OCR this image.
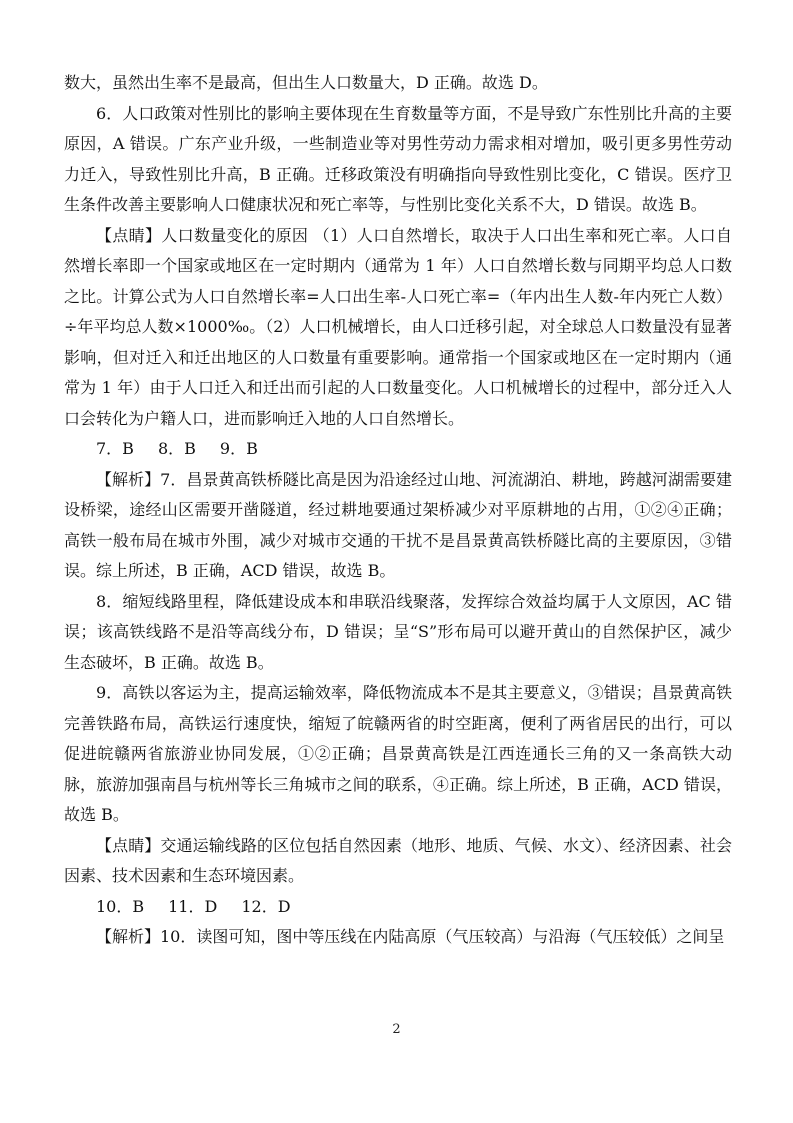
数大，虽然出生率不是最高，但出生人口数量大，D 正确。故选 D。

6．人口政策对性别比的影响主要体现在生育数量等方面，不是导致广东性别比升高的主要原因，A 错误。广东产业升级，一些制造业等对男性劳动力需求相对增加，吸引更多男性劳动力迁入，导致性别比升高，B 正确。迁移政策没有明确指向导致性别比变化，C 错误。医疗卫生条件改善主要影响人口健康状况和死亡率等，与性别比变化关系不大，D 错误。故选 B。

【点睛】人口数量变化的原因 （1）人口自然增长，取决于人口出生率和死亡率。人口自然增长率即一个国家或地区在一定时期内（通常为 1 年）人口自然增长数与同期平均总人口数之比。计算公式为人口自然增长率=人口出生率-人口死亡率=（年内出生人数-年内死亡人数）÷年平均总人数×1000‰。（2）人口机械增长，由人口迁移引起，对全球总人口数量没有显著影响，但对迁入和迁出地区的人口数量有重要影响。通常指一个国家或地区在一定时期内（通常为 1 年）由于人口迁入和迁出而引起的人口数量变化。人口机械增长的过程中，部分迁入人口会转化为户籍人口，进而影响迁入地的人口自然增长。

7．B 8．B 9．B

【解析】7．昌景黄高铁桥隧比高是因为沿途经过山地、河流湖泊、耕地，跨越河湖需要建设桥梁，途经山区需要开凿隧道，经过耕地要通过架桥减少对平原耕地的占用，①②④正确；高铁一般布局在城市外围，减少对城市交通的干扰不是昌景黄高铁桥隧比高的主要原因，③错误。综上所述，B 正确，ACD 错误，故选 B。

8．缩短线路里程，降低建设成本和串联沿线聚落，发挥综合效益均属于人文原因，AC 错误；该高铁线路不是沿等高线分布，D 错误；呈“S”形布局可以避开黄山的自然保护区，减少生态破坏，B 正确。故选 B。

9．高铁以客运为主，提高运输效率，降低物流成本不是其主要意义，③错误；昌景黄高铁完善铁路布局，高铁运行速度快，缩短了皖赣两省的时空距离，便利了两省居民的出行，可以促进皖赣两省旅游业协同发展，①②正确；昌景黄高铁是江西连通长三角的又一条高铁大动脉，旅游加强南昌与杭州等长三角城市之间的联系，④正确。综上所述，B 正确，ACD 错误，故选 B。

【点睛】交通运输线路的区位包括自然因素（地形、地质、气候、水文）、经济因素、社会因素、技术因素和生态环境因素。

10．B 11．D 12．D

【解析】10．读图可知，图中等压线在内陆高原（气压较高）与沿海（气压较低）之间呈

2
